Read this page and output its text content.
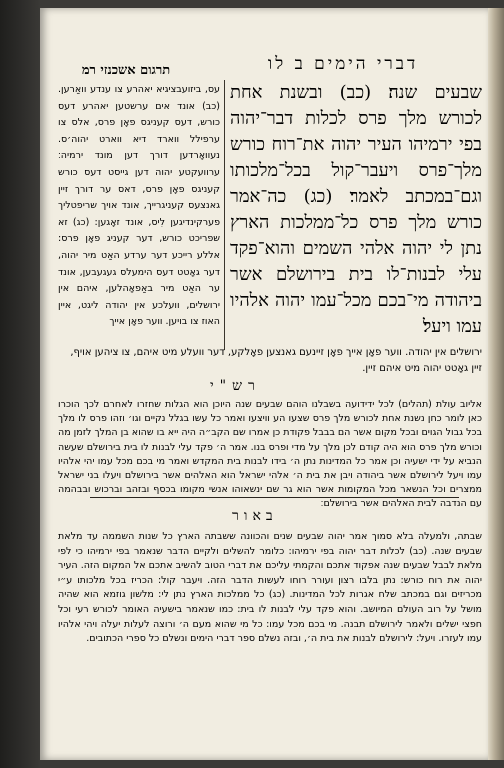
דברי הימים ב לו
תרגום אשכנזי רמ
שבעים שנה׃ (כב) ובשנת אחת לכורש מלך פרס לכלות דבר־יהוה בפי ירמיהו העיר יהוה את־רוח כורש מלך־פרס ויעבר־קול בכל־מלכותו וגם־במכתב לאמר׃ (כג) כה־אמר כורש מלך פרס כל־ממלכות הארץ נתן לי יהוה אלהי השמים והוא־פקד עלי לבנות־לו בית בירושלם אשר ביהודה מי־בכם מכל־עמו יהוה אלהיו עמו ויעל׃
עס, ביזועבציגיא יאהרע צו ענדע וואַרען. (כב) אונד אים ערשטען יאהרע דעס כורש, דעס קעניגס פאָן פרס, אלס צו ערפילל ווארד דיא ווארט יהוה׳ס. נעוואָרדען דורך דען מונד ירמיה׃ ערוועקטע יהוה דען גייסט דעס כורש קעניגס פאָן פרס, דאס ער דורך זיין גאנצעס קעניגרייך, אונד אויך שריפטליך פערקינדיגען לִיס, אונד זאָגען: (כג) זא שפריכט כורש, דער קעניג פאָן פרס: אללע רייכע דער ערדע האַט מיר יהוה, דער גאָטט דעס הימעלס געגעבען, אונד ער האַט מיר באַפאָהלען, איהם אין ירושלים, וועלכע אין יהודה ליגט, איין האוז צו בויען. ווער פאָן אייך
ירושלים אין יהודה. ווער פאָן אייך פאָן זיינעם גאנצען פאָלקע, דער וועלע מיט איהם, צו ציהען אויף, זיין גאָטט יהוה מיט איהם זיין.
רש"י
אליוב עולת (תהלים) לכל ידידועה בשבלנו הוהם שבעים שנה היוכן הוא הגלות שחזרו לאחרם לכך הוכרו כאן לומר כחן נשנת אחת לכורש מלך פרס שצעו הע וויצעו ואמר כל עשו בגלל נקיים וגו׳ וזהו פרס לו מלך בכל גבול הגוים ובכל מקום אשר הם בבבל פקודת כן אמרו שם הקב״ה היה ייא בו שהוא בן המלך לזמן מה וכורש מלך פרס הוא היה קודם לכן מלך על מדי ופרס בנו. אמר ה׳ פקד עלי לבנות לו בית בירושלם שעשה הנביא על ידי ישעיה וכן אמר כל המדינות נתן ה׳ בידו לבנות בית המקדש ואמר מי בכם מכל עמו יהי אלהיו עמו ויעל לירושלם אשר ביהודה ויבן את בית ה׳ אלהי ישראל הוא האלהים אשר בירושלם ויעלו בני ישראל ממצרים וכל הנשאר מכל המקומות אשר הוא גר שם ינשאוהו אנשי מקומו בכסף ובזהב וברכוש ובבהמה עם הנדבה לבית האלהים אשר בירושלם׃
באור
שבתה, ולמעלה בלא סמוך אמר יהוה שבעים שנים והכוונה ששבתה הארץ כל שנות השממה עד מלאת שבעים שנה. (כב) לכלות דבר יהוה בפי ירמיהו: כלומר להשלים ולקיים הדבר שנאמר בפי ירמיהו כי לפי מלאת לבבל שבעים שנה אפקוד אתכם והקמתי עליכם את דברי הטוב להשיב אתכם אל המקום הזה. העיר יהוה את רוח כורש: נתן בלבו רצון ועורר רוחו לעשות הדבר הזה. ויעבר קול: הכריז בכל מלכותו ע״י מכריזים וגם במכתב שלח אגרות לכל המדינות. (כג) כל ממלכות הארץ נתן לי: מלשון גוזמא הוא שהיה מושל על רוב העולם המיושב. והוא פקד עלי לבנות לו בית: כמו שנאמר בישעיה האומר לכורש רעי וכל חפצי ישלים ולאמר לירושלם תבנה. מי בכם מכל עמו: כל מי שהוא מעם ה׳ ורוצה לעלות יעלה ויהי אלהיו עמו לעזרו. ויעל: לירושלם לבנות את בית ה׳, ובזה נשלם ספר דברי הימים ונשלם כל ספרי הכתובים.
